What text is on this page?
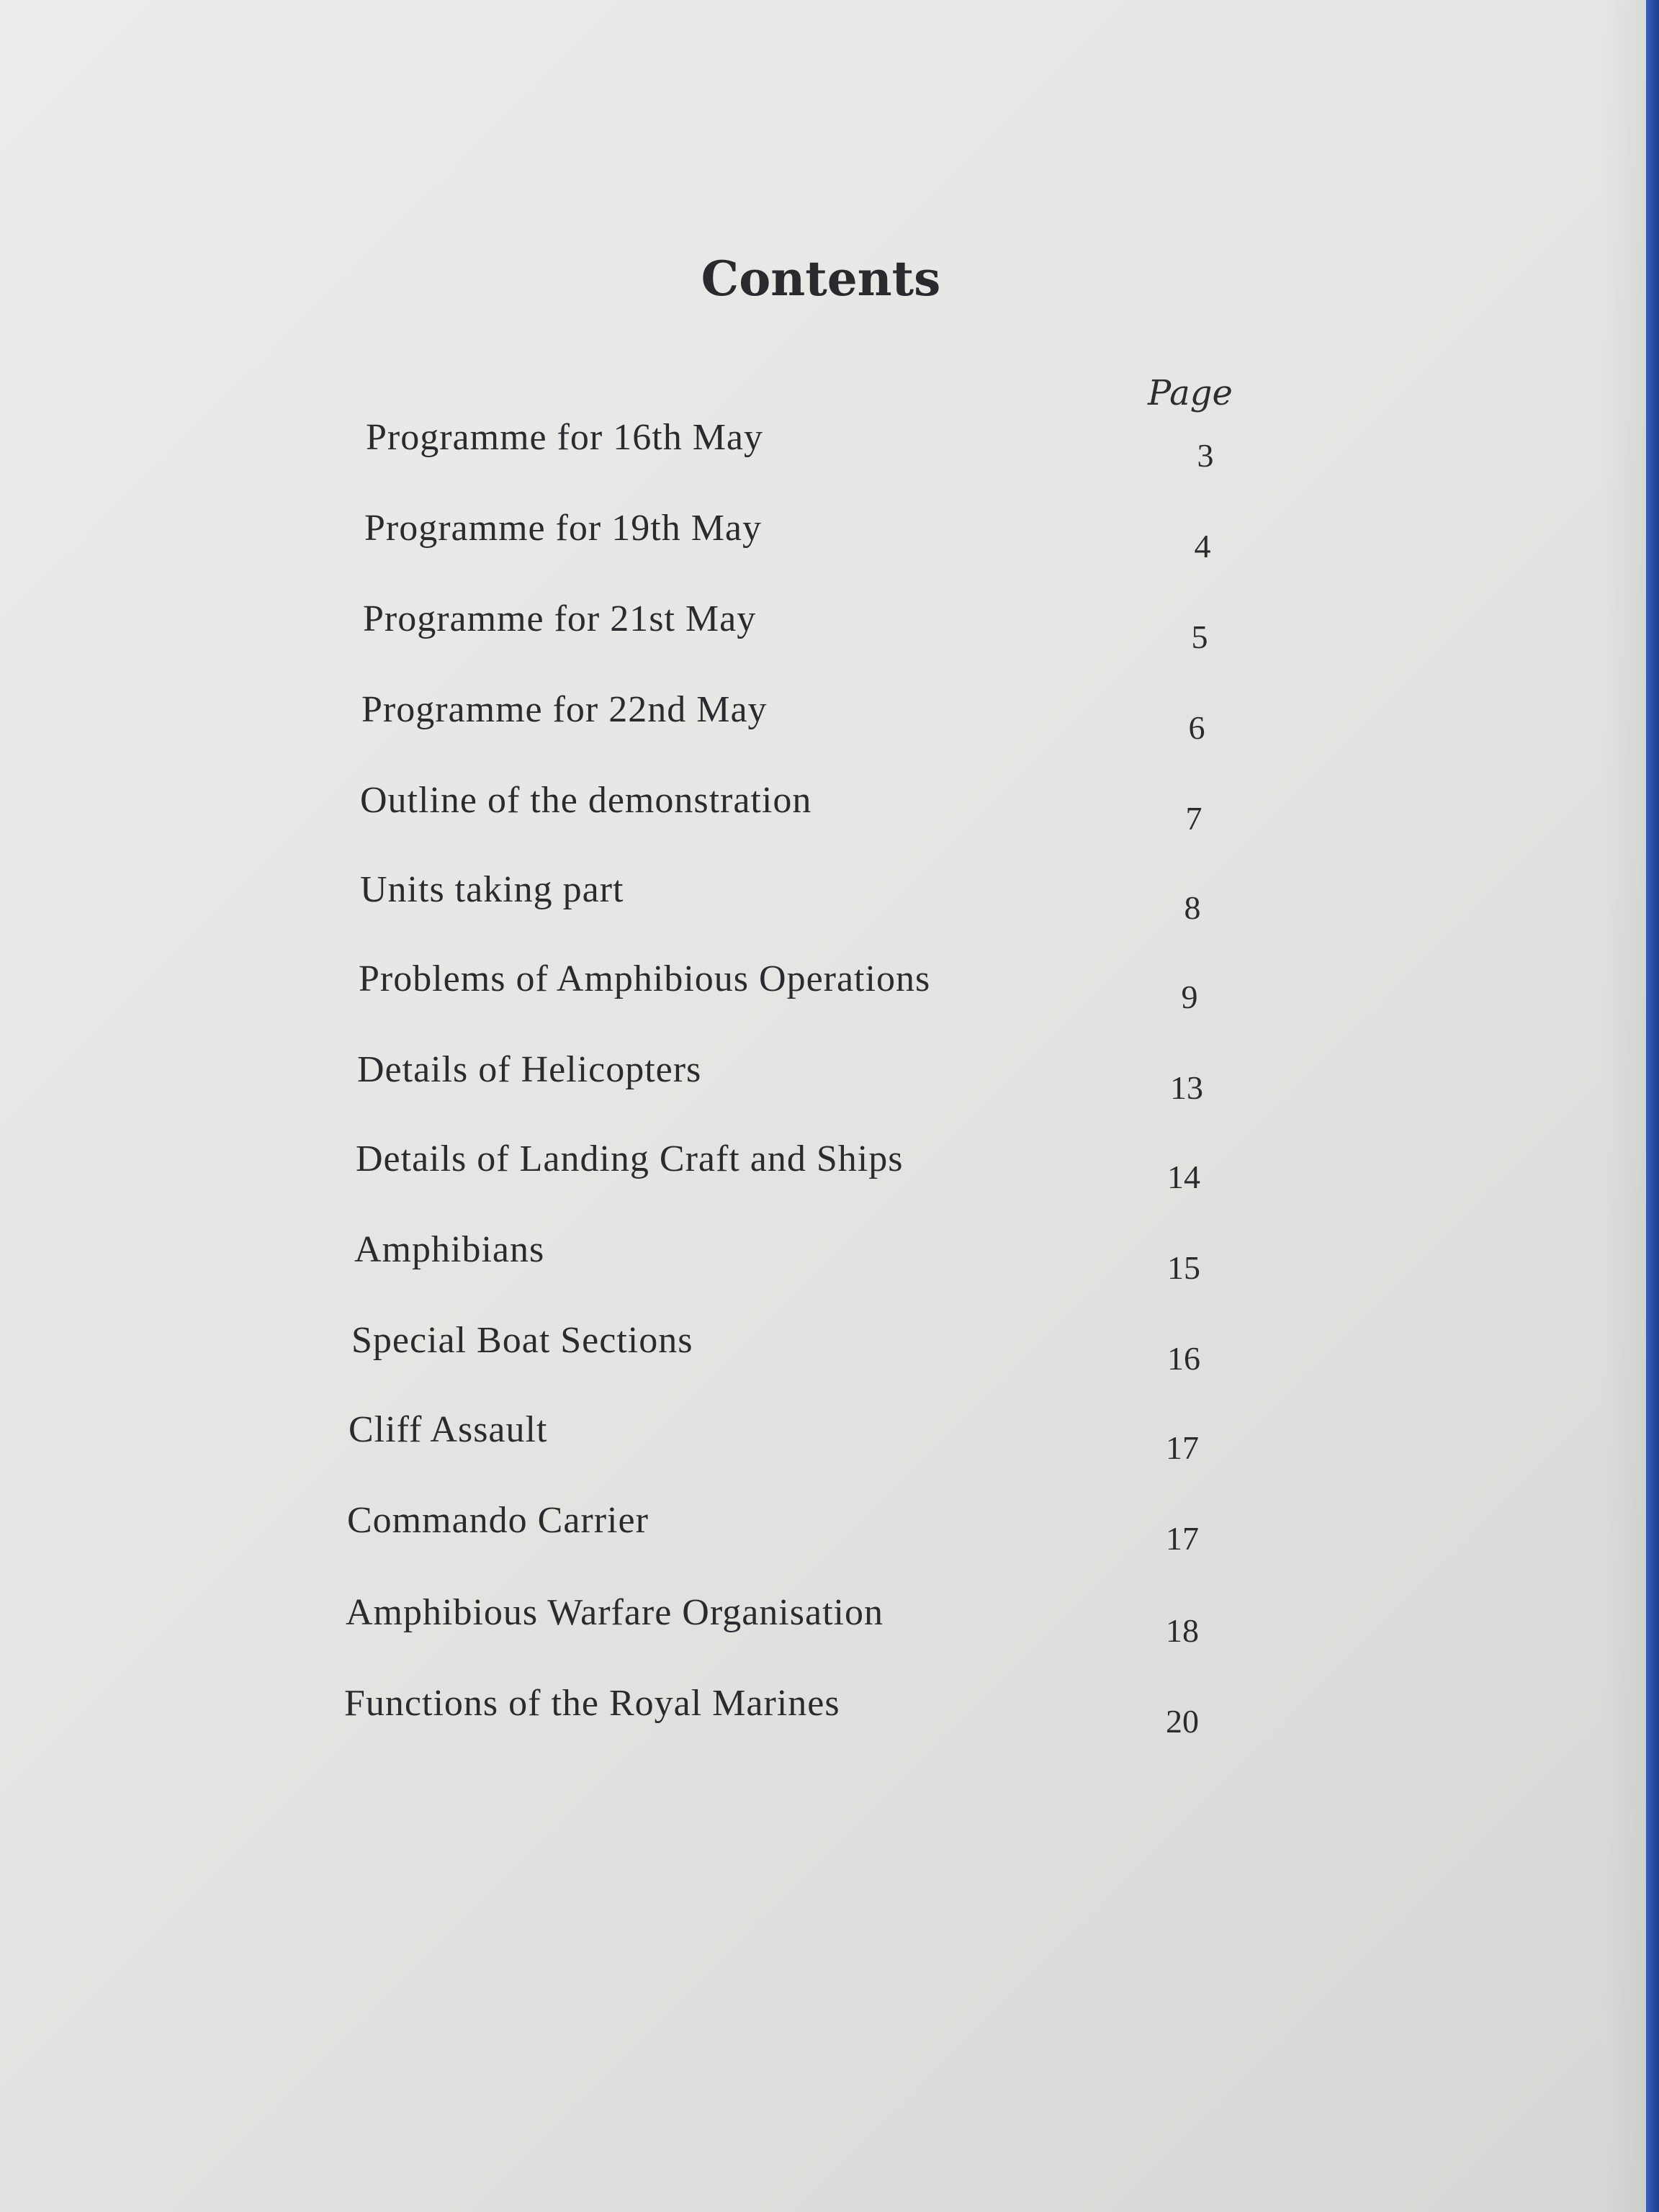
Contents
Page
Programme for 16th May	3
Programme for 19th May	4
Programme for 21st May	5
Programme for 22nd May	6
Outline of the demonstration	7
Units taking part	8
Problems of Amphibious Operations	9
Details of Helicopters	13
Details of Landing Craft and Ships	14
Amphibians	15
Special Boat Sections	16
Cliff Assault	17
Commando Carrier	17
Amphibious Warfare Organisation	18
Functions of the Royal Marines	20
